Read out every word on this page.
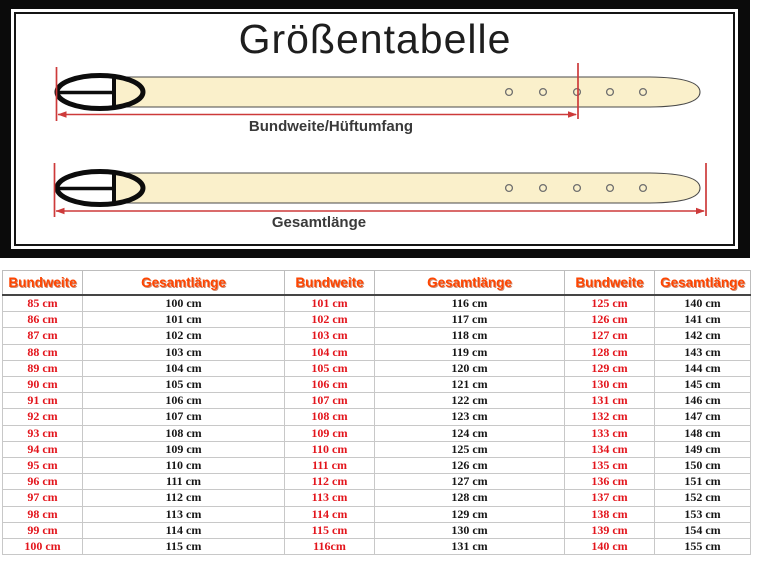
Größentabelle
Bundweite/Hüftumfang
Gesamtlänge
Bundweite	Gesamtlänge	Bundweite	Gesamtlänge	Bundweite	Gesamtlänge
85 cm	100 cm	101 cm	116 cm	125 cm	140 cm
86 cm	101 cm	102 cm	117 cm	126 cm	141 cm
87 cm	102 cm	103 cm	118 cm	127 cm	142 cm
88 cm	103 cm	104 cm	119 cm	128 cm	143 cm
89 cm	104 cm	105 cm	120 cm	129 cm	144 cm
90 cm	105 cm	106 cm	121 cm	130 cm	145 cm
91 cm	106 cm	107 cm	122 cm	131 cm	146 cm
92 cm	107 cm	108 cm	123 cm	132 cm	147 cm
93 cm	108 cm	109 cm	124 cm	133 cm	148 cm
94 cm	109 cm	110 cm	125 cm	134 cm	149 cm
95 cm	110 cm	111 cm	126 cm	135 cm	150 cm
96 cm	111 cm	112 cm	127 cm	136 cm	151 cm
97 cm	112 cm	113 cm	128 cm	137 cm	152 cm
98 cm	113 cm	114 cm	129 cm	138 cm	153 cm
99 cm	114 cm	115 cm	130 cm	139 cm	154 cm
100 cm	115 cm	116cm	131 cm	140 cm	155 cm
